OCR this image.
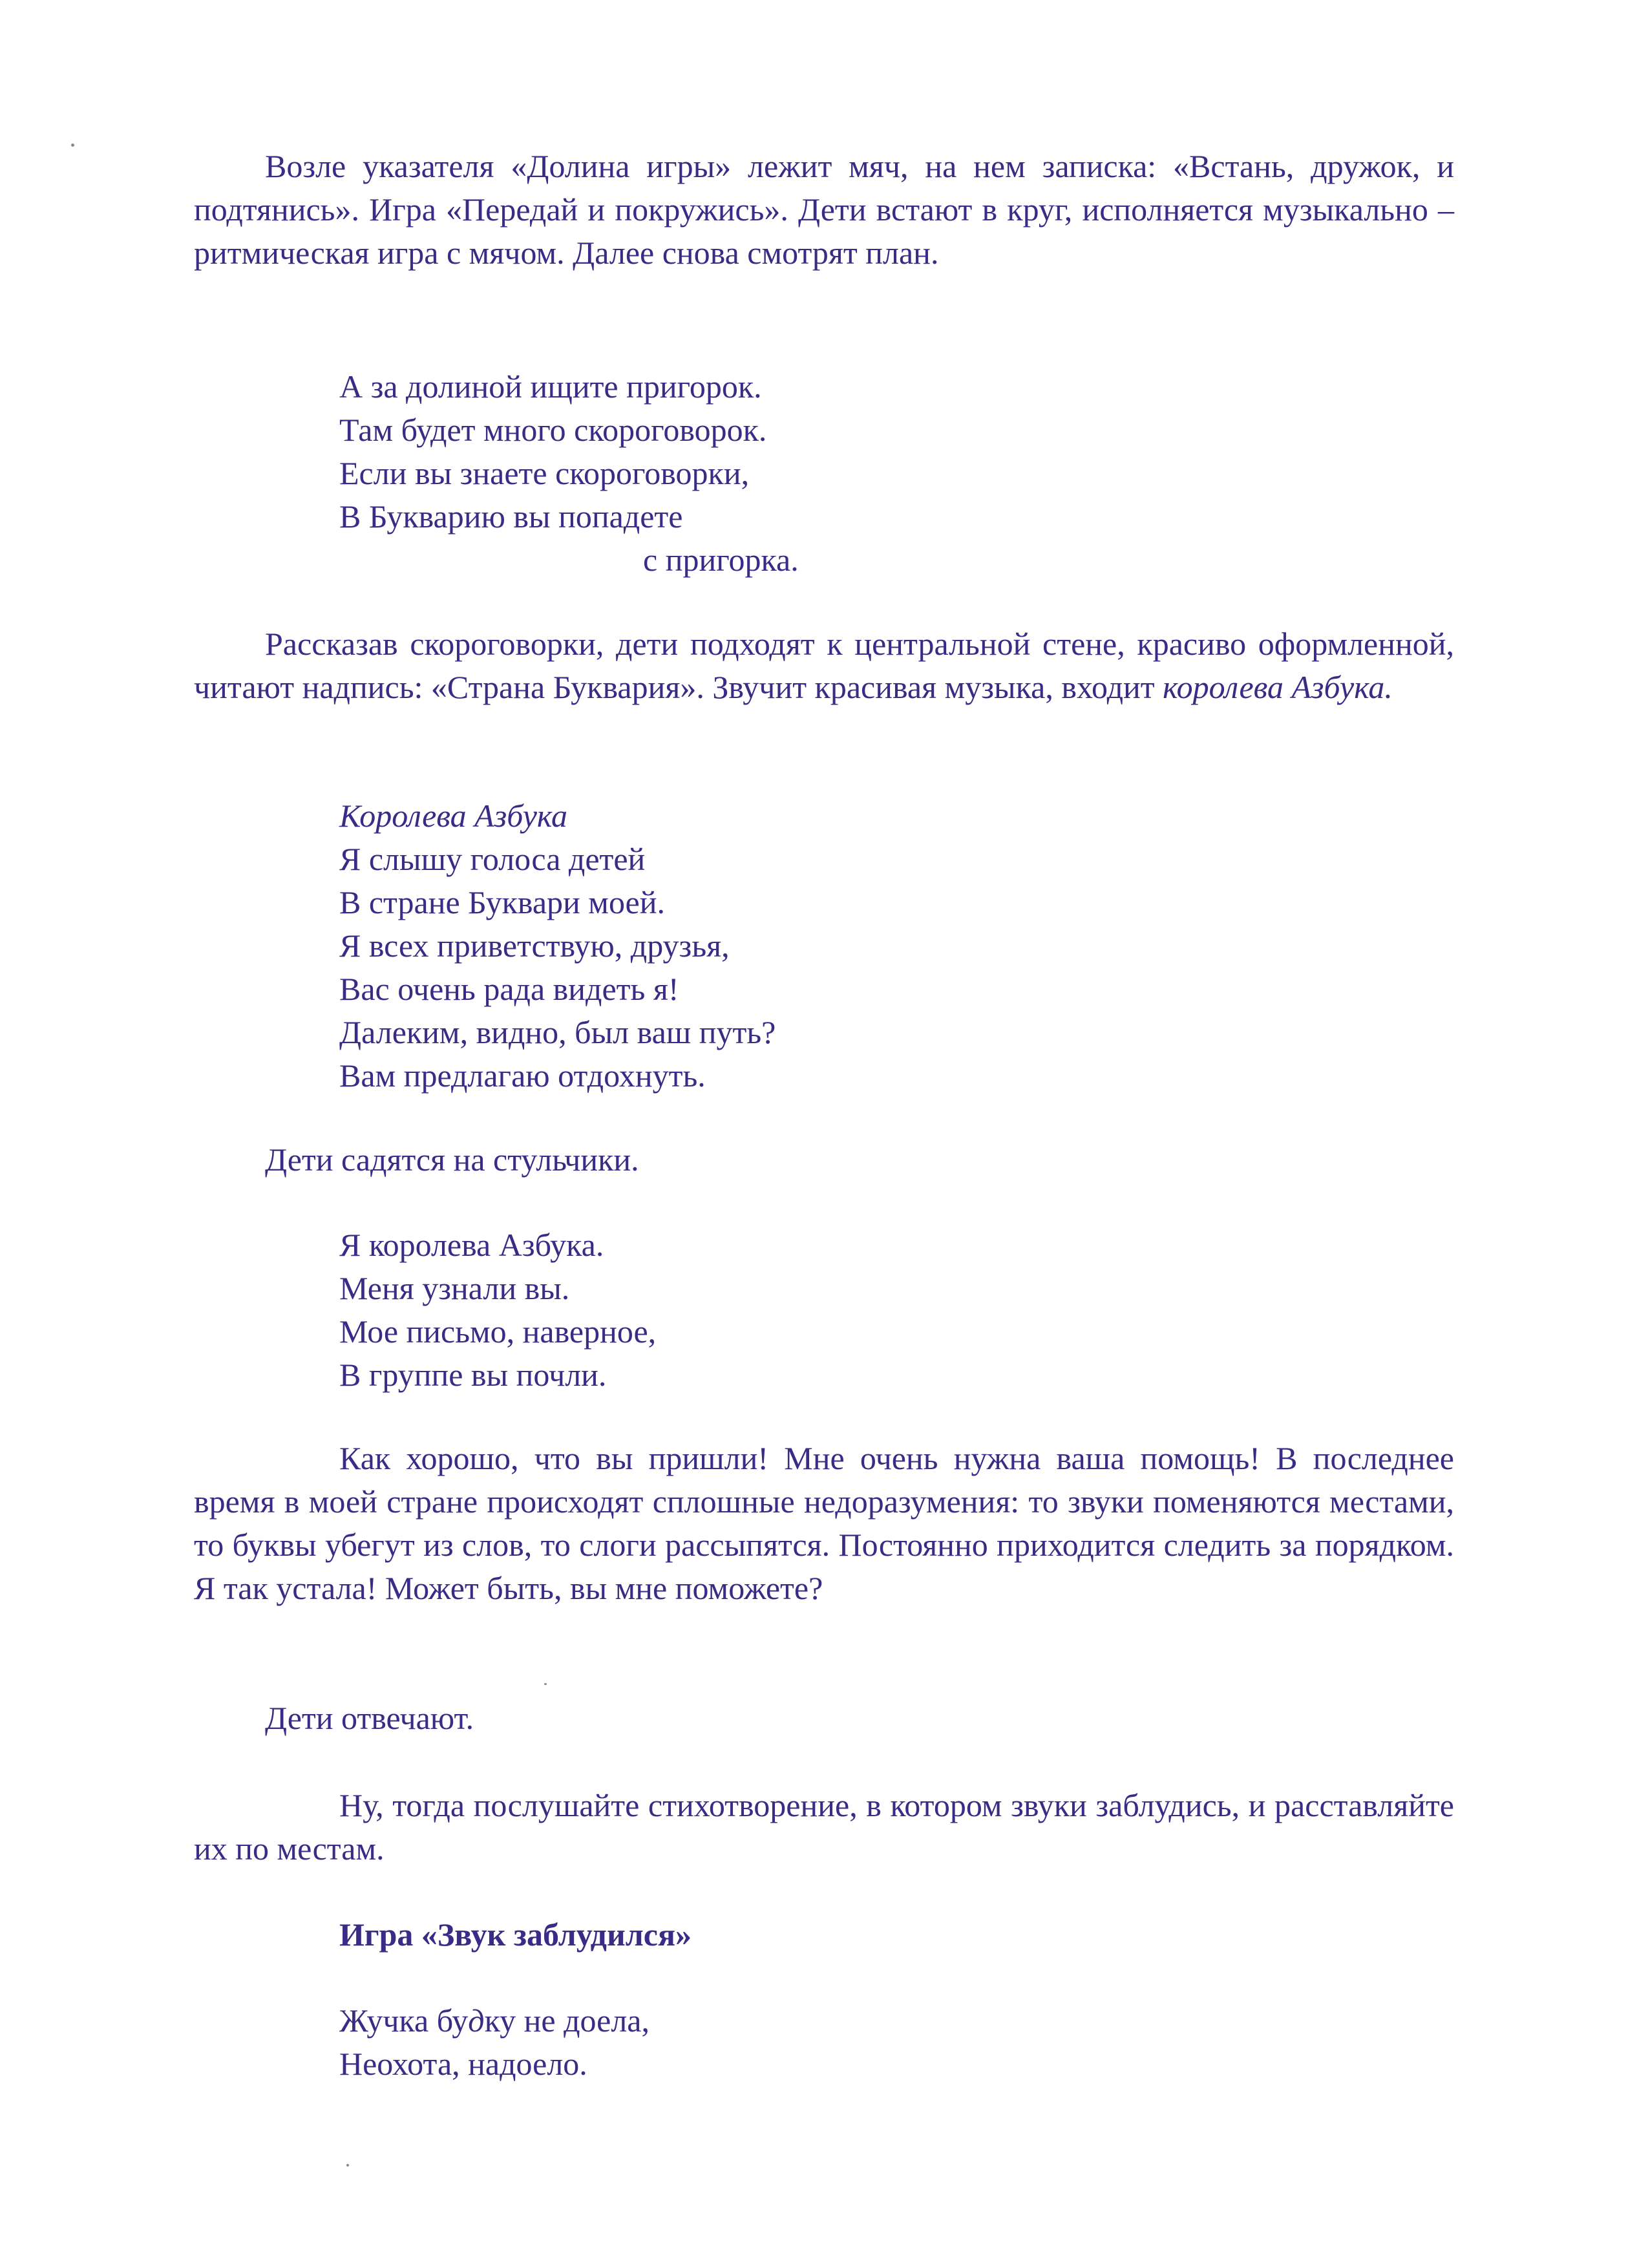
Возле указателя «Долина игры» лежит мяч, на нем записка: «Встань, дружок, и подтянись». Игра «Передай и покружись». Дети встают в круг, исполняется музыкально – ритмическая игра с мячом. Далее снова смотрят план.

А за долиной ищите пригорок.
Там будет много скороговорок.
Если вы знаете скороговорки,
В Букварию вы попадете
с пригорка.

Рассказав скороговорки, дети подходят к центральной стене, красиво оформленной, читают надпись: «Страна Буквария». Звучит красивая музыка, входит королева Азбука.

Королева Азбука
Я слышу голоса детей
В стране Буквари моей.
Я всех приветствую, друзья,
Вас очень рада видеть я!
Далеким, видно, был ваш путь?
Вам предлагаю отдохнуть.

Дети садятся на стульчики.

Я королева Азбука.
Меня узнали вы.
Мое письмо, наверное,
В группе вы почли.

Как хорошо, что вы пришли! Мне очень нужна ваша помощь! В последнее время в моей стране происходят сплошные недоразумения: то звуки поменяются местами, то буквы убегут из слов, то слоги рассыпятся. Постоянно приходится следить за порядком. Я так устала! Может быть, вы мне поможете?

Дети отвечают.

Ну, тогда послушайте стихотворение, в котором звуки заблудись, и расставляйте их по местам.

Игра «Звук заблудился»
Жучка будку не доела,
Неохота, надоело.
